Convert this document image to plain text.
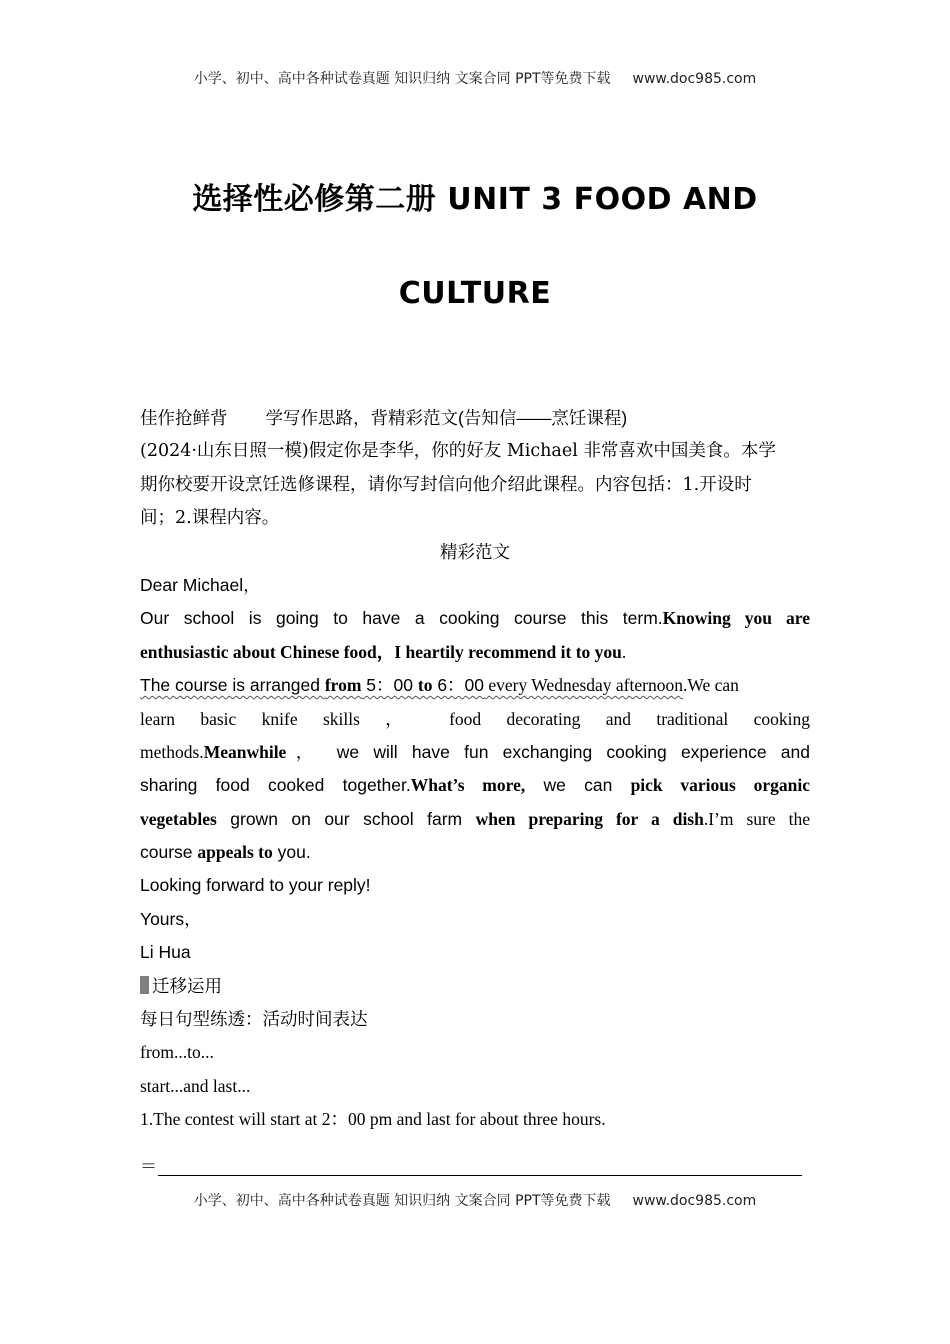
小学、初中、高中各种试卷真题 知识归纳 文案合同 PPT等免费下载 www.doc985.com
选择性必修第二册 UNIT 3 FOOD AND
CULTURE
佳作抢鲜背 学写作思路，背精彩范文(告知信——烹饪课程)
(2024·山东日照一模)假定你是李华，你的好友 Michael 非常喜欢中国美食。本学
期你校要开设烹饪选修课程，请你写封信向他介绍此课程。内容包括：1.开设时
间；2.课程内容。
精彩范文
Dear Michael，
Our school is going to have a cooking course this term.Knowing you are
enthusiastic about Chinese food，I heartily recommend it to you.
The course is arranged from 5：00 to 6：00 every Wednesday afternoon.We can
learn basic knife skills ， food decorating and traditional cooking
methods.Meanwhile， we will have fun exchanging cooking experience and
sharing food cooked together.What’s more, we can pick various organic
vegetables grown on our school farm when preparing for a dish.I’m sure the
course appeals to you.
Looking forward to your reply!
Yours，
Li Hua
迁移运用
每日句型练透：活动时间表达
from...to...
start...and last...
1.The contest will start at 2：00 pm and last for about three hours.
＝
小学、初中、高中各种试卷真题 知识归纳 文案合同 PPT等免费下载 www.doc985.com
